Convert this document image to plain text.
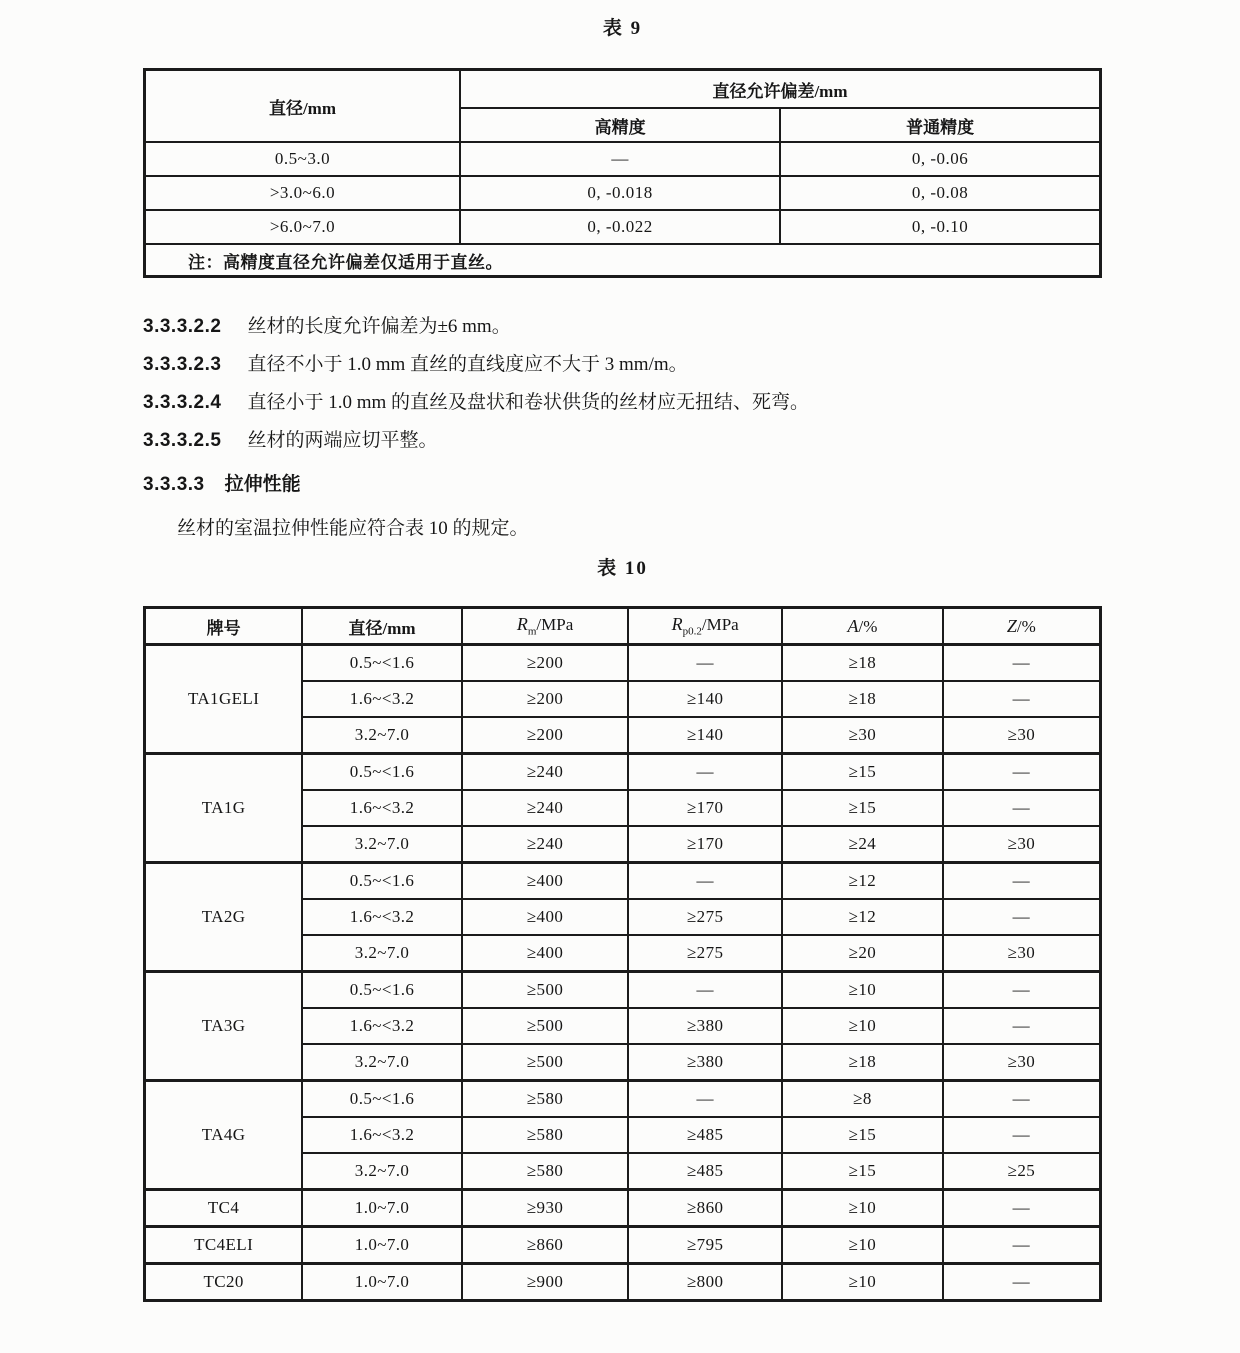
表 9
直径/mm	直径允许偏差/mm	
	高精度	普通精度
0.5~3.0	—	0, -0.06
>3.0~6.0	0, -0.018	0, -0.08
>6.0~7.0	0, -0.022	0, -0.10
注：高精度直径允许偏差仅适用于直丝。		

3.3.3.2.2 丝材的长度允许偏差为±6 mm。

3.3.3.2.3 直径不小于 1.0 mm 直丝的直线度应不大于 3 mm/m。

3.3.3.2.4 直径小于 1.0 mm 的直丝及盘状和卷状供货的丝材应无扭结、死弯。

3.3.3.2.5 丝材的两端应切平整。

3.3.3.3 拉伸性能

丝材的室温拉伸性能应符合表 10 的规定。

表 10
牌号	直径/mm	$R_m$/MPa	$R_{p0.2}$/MPa	A/%	Z/%
TA1GELI	0.5~<1.6	≥200	—	≥18	—
	1.6~<3.2	≥200	≥140	≥18	—
	3.2~7.0	≥200	≥140	≥30	≥30
TA1G	0.5~<1.6	≥240	—	≥15	—
	1.6~<3.2	≥240	≥170	≥15	—
	3.2~7.0	≥240	≥170	≥24	≥30
TA2G	0.5~<1.6	≥400	—	≥12	—
	1.6~<3.2	≥400	≥275	≥12	—
	3.2~7.0	≥400	≥275	≥20	≥30
TA3G	0.5~<1.6	≥500	—	≥10	—
	1.6~<3.2	≥500	≥380	≥10	—
	3.2~7.0	≥500	≥380	≥18	≥30
TA4G	0.5~<1.6	≥580	—	≥8	—
	1.6~<3.2	≥580	≥485	≥15	—
	3.2~7.0	≥580	≥485	≥15	≥25
TC4	1.0~7.0	≥930	≥860	≥10	—
TC4ELI	1.0~7.0	≥860	≥795	≥10	—
TC20	1.0~7.0	≥900	≥800	≥10	—
